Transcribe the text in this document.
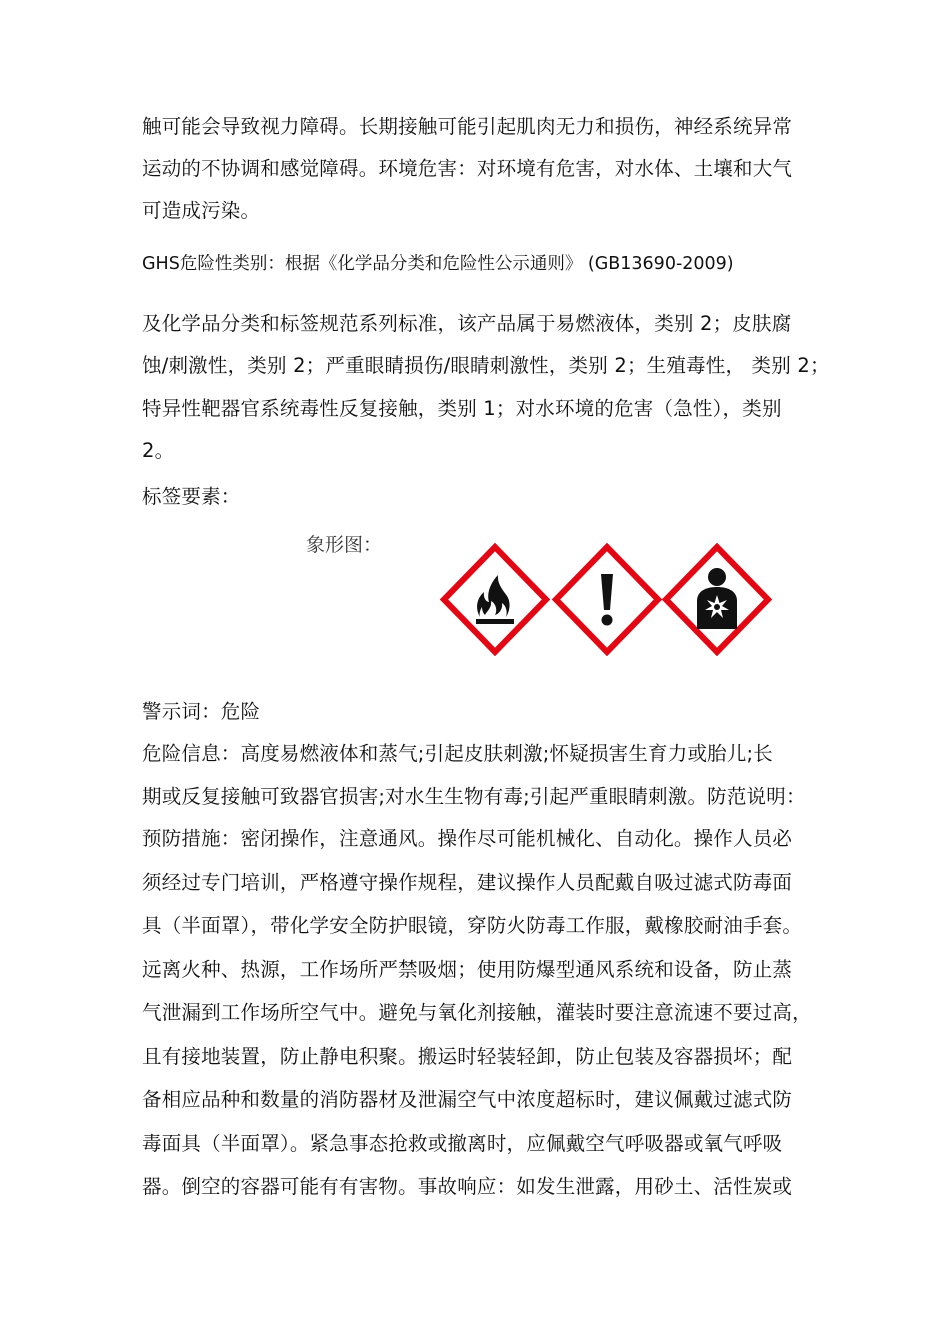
触可能会导致视力障碍。长期接触可能引起肌肉无力和损伤，神经系统异常
运动的不协调和感觉障碍。环境危害：对环境有危害，对水体、土壤和大气
可造成污染。
GHS危险性类别：根据《化学品分类和危险性公示通则》 (GB13690-2009)
及化学品分类和标签规范系列标准，该产品属于易燃液体，类别 2；皮肤腐
蚀/刺激性，类别 2；严重眼睛损伤/眼睛刺激性，类别 2；生殖毒性， 类别 2；
特异性靶器官系统毒性反复接触，类别 1；对水环境的危害（急性），类别
2。
标签要素：
象形图：
警示词：危险
危险信息：高度易燃液体和蒸气;引起皮肤刺激;怀疑损害生育力或胎儿;长
期或反复接触可致器官损害;对水生生物有毒;引起严重眼睛刺激。防范说明：
预防措施：密闭操作，注意通风。操作尽可能机械化、自动化。操作人员必
须经过专门培训，严格遵守操作规程，建议操作人员配戴自吸过滤式防毒面
具（半面罩），带化学安全防护眼镜，穿防火防毒工作服，戴橡胶耐油手套。
远离火种、热源，工作场所严禁吸烟；使用防爆型通风系统和设备，防止蒸
气泄漏到工作场所空气中。避免与氧化剂接触，灌装时要注意流速不要过高，
且有接地装置，防止静电积聚。搬运时轻装轻卸，防止包装及容器损坏；配
备相应品种和数量的消防器材及泄漏空气中浓度超标时，建议佩戴过滤式防
毒面具（半面罩）。紧急事态抢救或撤离时，应佩戴空气呼吸器或氧气呼吸
器。倒空的容器可能有有害物。事故响应：如发生泄露，用砂土、活性炭或
